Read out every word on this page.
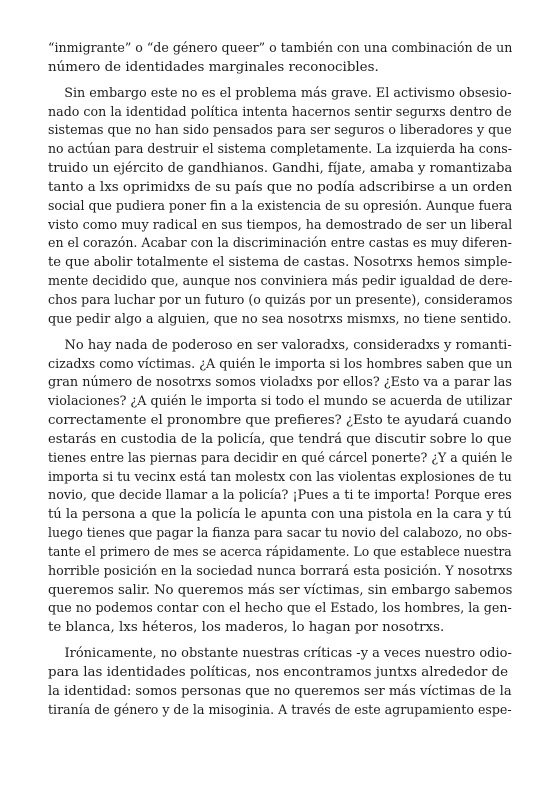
“inmigrante” o “de género queer” o también con una combinación de un
número de identidades marginales reconocibles.
Sin embargo este no es el problema más grave. El activismo obsesio-
nado con la identidad política intenta hacernos sentir segurxs dentro de
sistemas que no han sido pensados para ser seguros o liberadores y que
no actúan para destruir el sistema completamente. La izquierda ha cons-
truido un ejército de gandhianos. Gandhi, fíjate, amaba y romantizaba
tanto a lxs oprimidxs de su país que no podía adscribirse a un orden
social que pudiera poner fin a la existencia de su opresión. Aunque fuera
visto como muy radical en sus tiempos, ha demostrado de ser un liberal
en el corazón. Acabar con la discriminación entre castas es muy diferen-
te que abolir totalmente el sistema de castas. Nosotrxs hemos simple-
mente decidido que, aunque nos conviniera más pedir igualdad de dere-
chos para luchar por un futuro (o quizás por un presente), consideramos
que pedir algo a alguien, que no sea nosotrxs mismxs, no tiene sentido.
No hay nada de poderoso en ser valoradxs, consideradxs y romanti-
cizadxs como víctimas. ¿A quién le importa si los hombres saben que un
gran número de nosotrxs somos violadxs por ellos? ¿Esto va a parar las
violaciones? ¿A quién le importa si todo el mundo se acuerda de utilizar
correctamente el pronombre que prefieres? ¿Esto te ayudará cuando
estarás en custodia de la policía, que tendrá que discutir sobre lo que
tienes entre las piernas para decidir en qué cárcel ponerte? ¿Y a quién le
importa si tu vecinx está tan molestx con las violentas explosiones de tu
novio, que decide llamar a la policía? ¡Pues a ti te importa! Porque eres
tú la persona a que la policía le apunta con una pistola en la cara y tú
luego tienes que pagar la fianza para sacar tu novio del calabozo, no obs-
tante el primero de mes se acerca rápidamente. Lo que establece nuestra
horrible posición en la sociedad nunca borrará esta posición. Y nosotrxs
queremos salir. No queremos más ser víctimas, sin embargo sabemos
que no podemos contar con el hecho que el Estado, los hombres, la gen-
te blanca, lxs héteros, los maderos, lo hagan por nosotrxs.
Irónicamente, no obstante nuestras críticas -y a veces nuestro odio-
para las identidades políticas, nos encontramos juntxs alrededor de
la identidad: somos personas que no queremos ser más víctimas de la
tiranía de género y de la misoginia. A través de este agrupamiento espe-
